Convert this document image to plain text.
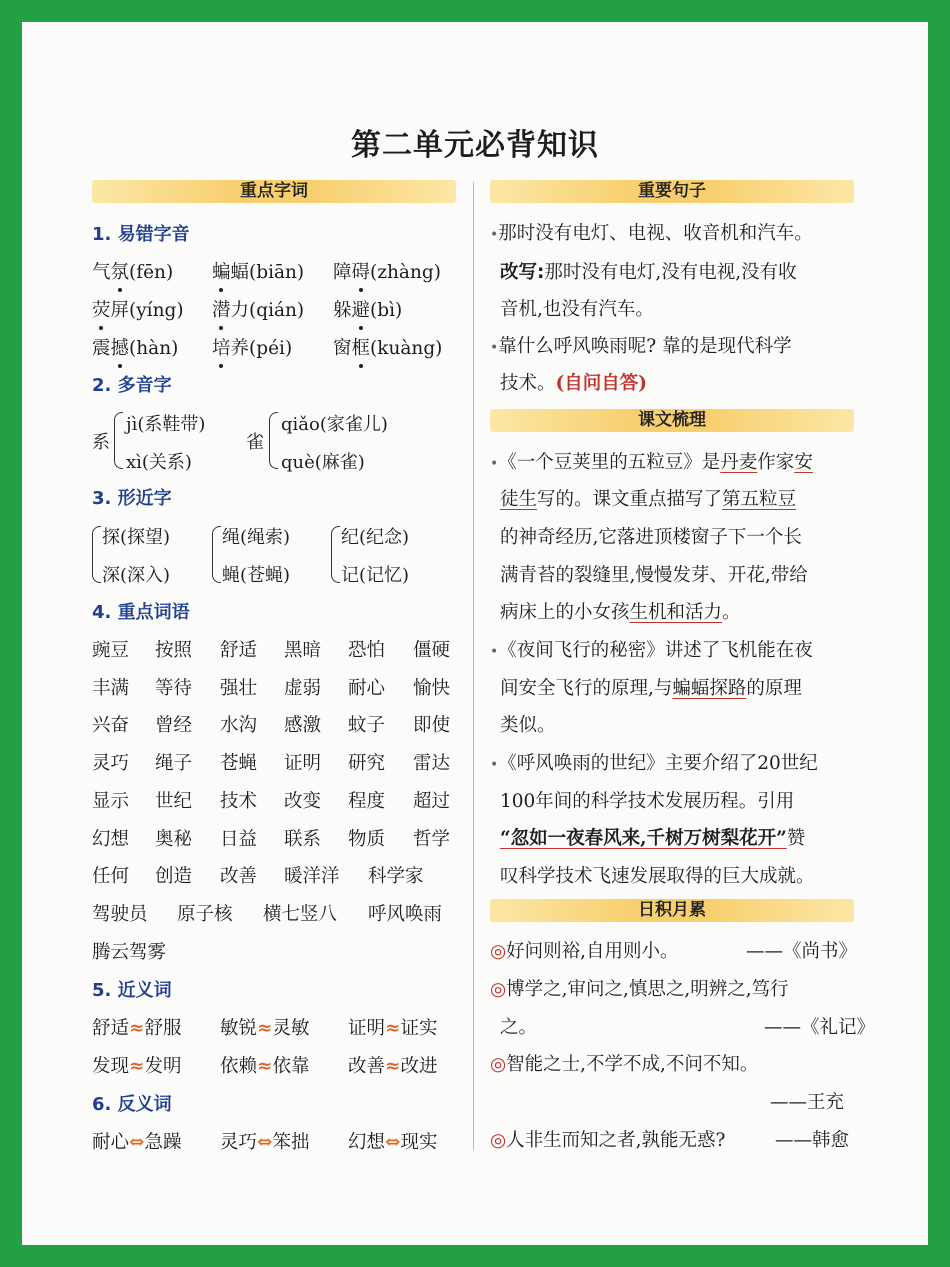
第二单元必背知识
重点字词
1. 易错字音
气氛(fēn) 蝙蝠(biān) 障碍(zhàng)
荧屏(yíng) 潜力(qián) 躲避(bì)
震撼(hàn) 培养(péi) 窗框(kuàng)
2. 多音字
系
jì(系鞋带)
xì(关系)
雀
qiǎo(家雀儿)
què(麻雀)
3. 形近字
探(探望)
深(深入)
绳(绳索)
蝇(苍蝇)
纪(纪念)
记(记忆)
4. 重点词语
豌豆 按照 舒适 黑暗 恐怕 僵硬
丰满 等待 强壮 虚弱 耐心 愉快
兴奋 曾经 水沟 感激 蚊子 即使
灵巧 绳子 苍蝇 证明 研究 雷达
显示 世纪 技术 改变 程度 超过
幻想 奥秘 日益 联系 物质 哲学
任何 创造 改善 暖洋洋 科学家
驾驶员 原子核 横七竖八 呼风唤雨
腾云驾雾
5. 近义词
舒适≈舒服 敏锐≈灵敏 证明≈证实
发现≈发明 依赖≈依靠 改善≈改进
6. 反义词
耐心⇔急躁 灵巧⇔笨拙 幻想⇔现实
重要句子
•那时没有电灯、电视、收音机和汽车。
改写:那时没有电灯,没有电视,没有收
音机,也没有汽车。
•靠什么呼风唤雨呢? 靠的是现代科学
技术。(自问自答)
课文梳理
•《一个豆荚里的五粒豆》是丹麦作家安
徒生写的。课文重点描写了第五粒豆
的神奇经历,它落进顶楼窗子下一个长
满青苔的裂缝里,慢慢发芽、开花,带给
病床上的小女孩生机和活力。
•《夜间飞行的秘密》讲述了飞机能在夜
间安全飞行的原理,与蝙蝠探路的原理
类似。
•《呼风唤雨的世纪》主要介绍了20世纪
100年间的科学技术发展历程。引用
“忽如一夜春风来,千树万树梨花开”赞
叹科学技术飞速发展取得的巨大成就。
日积月累
◎好问则裕,自用则小。	——《尚书》
◎博学之,审问之,慎思之,明辨之,笃行
之。	——《礼记》
◎智能之士,不学不成,不问不知。
——王充
◎人非生而知之者,孰能无惑?	——韩愈
